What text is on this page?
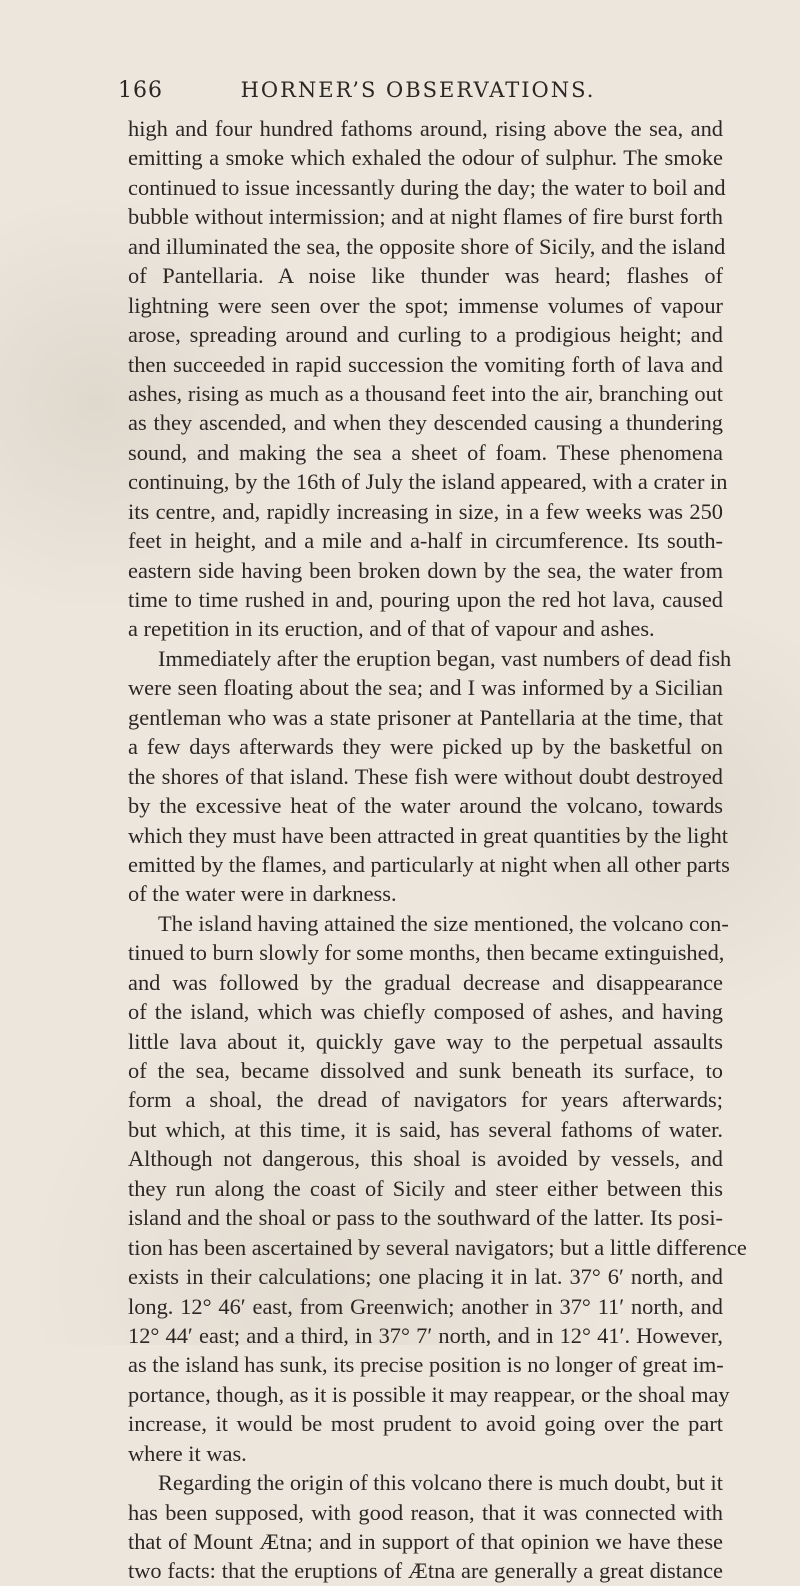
166	HORNER’S OBSERVATIONS.
high and four hundred fathoms around, rising above the sea, and
emitting a smoke which exhaled the odour of sulphur. The smoke
continued to issue incessantly during the day; the water to boil and
bubble without intermission; and at night flames of fire burst forth
and illuminated the sea, the opposite shore of Sicily, and the island
of Pantellaria. A noise like thunder was heard; flashes of
lightning were seen over the spot; immense volumes of vapour
arose, spreading around and curling to a prodigious height; and
then succeeded in rapid succession the vomiting forth of lava and
ashes, rising as much as a thousand feet into the air, branching out
as they ascended, and when they descended causing a thundering
sound, and making the sea a sheet of foam. These phenomena
continuing, by the 16th of July the island appeared, with a crater in
its centre, and, rapidly increasing in size, in a few weeks was 250
feet in height, and a mile and a-half in circumference. Its south-
eastern side having been broken down by the sea, the water from
time to time rushed in and, pouring upon the red hot lava, caused
a repetition in its eruction, and of that of vapour and ashes.
Immediately after the eruption began, vast numbers of dead fish
were seen floating about the sea; and I was informed by a Sicilian
gentleman who was a state prisoner at Pantellaria at the time, that
a few days afterwards they were picked up by the basketful on
the shores of that island. These fish were without doubt destroyed
by the excessive heat of the water around the volcano, towards
which they must have been attracted in great quantities by the light
emitted by the flames, and particularly at night when all other parts
of the water were in darkness.
The island having attained the size mentioned, the volcano con-
tinued to burn slowly for some months, then became extinguished,
and was followed by the gradual decrease and disappearance
of the island, which was chiefly composed of ashes, and having
little lava about it, quickly gave way to the perpetual assaults
of the sea, became dissolved and sunk beneath its surface, to
form a shoal, the dread of navigators for years afterwards;
but which, at this time, it is said, has several fathoms of water.
Although not dangerous, this shoal is avoided by vessels, and
they run along the coast of Sicily and steer either between this
island and the shoal or pass to the southward of the latter. Its posi-
tion has been ascertained by several navigators; but a little difference
exists in their calculations; one placing it in lat. 37° 6′ north, and
long. 12° 46′ east, from Greenwich; another in 37° 11′ north, and
12° 44′ east; and a third, in 37° 7′ north, and in 12° 41′. However,
as the island has sunk, its precise position is no longer of great im-
portance, though, as it is possible it may reappear, or the shoal may
increase, it would be most prudent to avoid going over the part
where it was.
Regarding the origin of this volcano there is much doubt, but it
has been supposed, with good reason, that it was connected with
that of Mount Ætna; and in support of that opinion we have these
two facts: that the eruptions of Ætna are generally a great distance
